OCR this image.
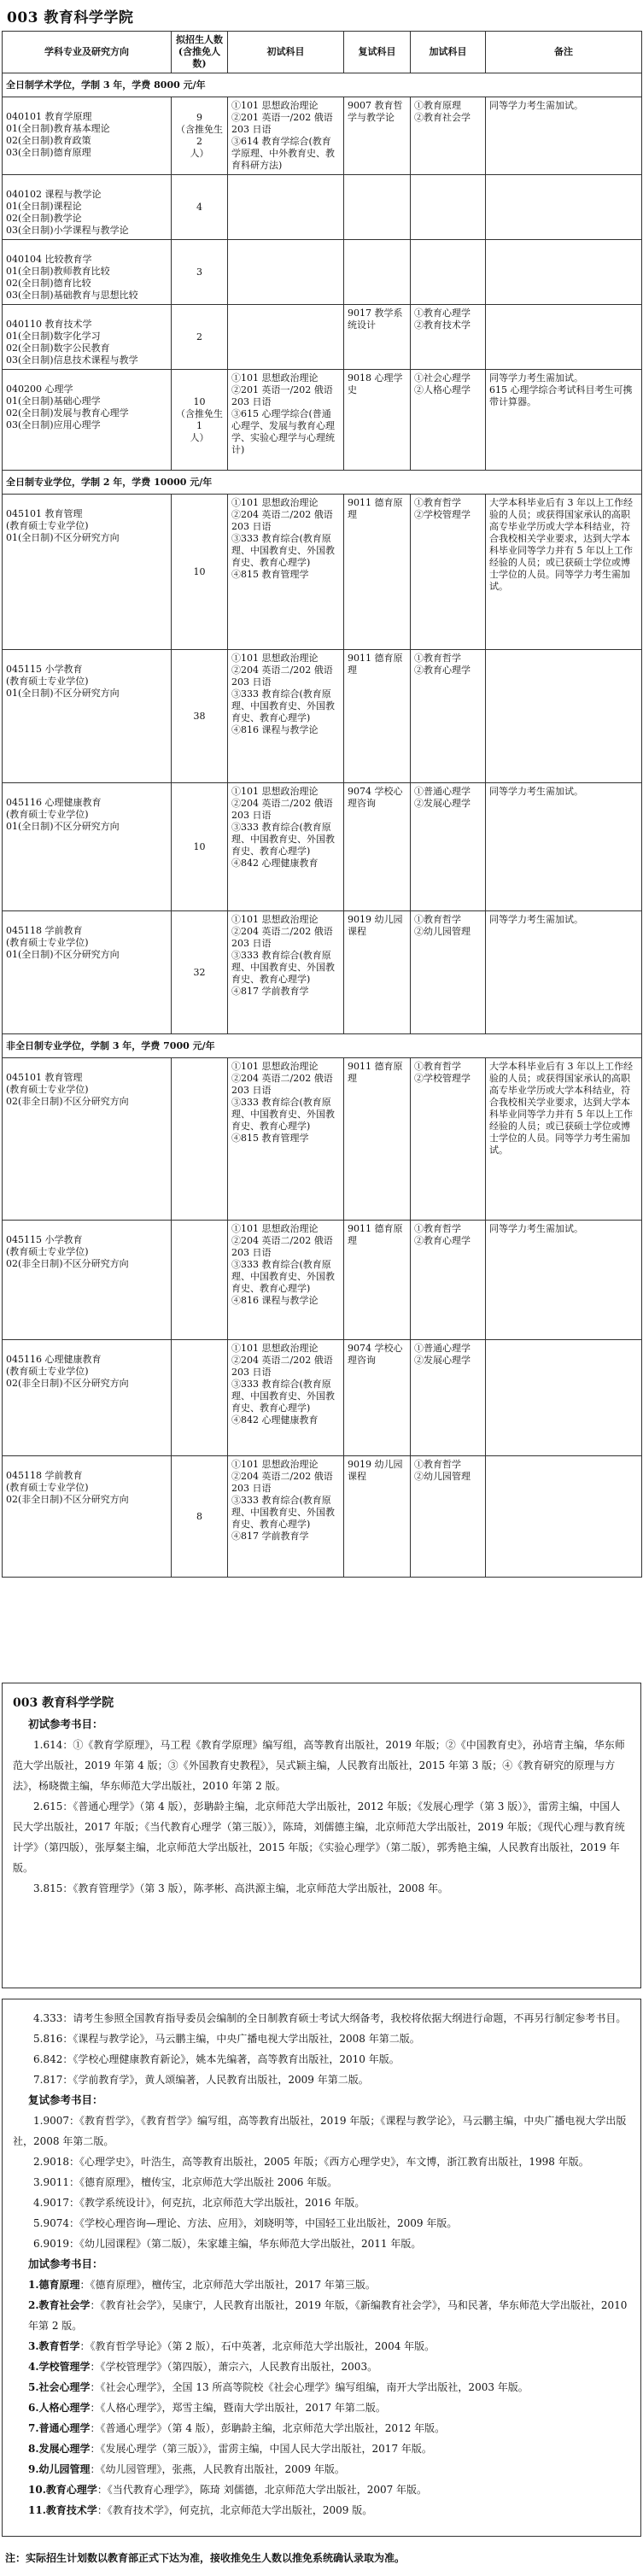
003 教育科学学院
学科专业及研究方向	拟招生人数
(含推免人数)	初试科目	复试科目	加试科目	备注
全日制学术学位，学制 3 年，学费 8000 元/年					
040101 教育学原理
01(全日制)教育基本理论
02(全日制)教育政策
03(全日制)德育原理	9
（含推免生 2
人）	①101 思想政治理论
②201 英语一/202 俄语 203 日语
③614 教育学综合(教育学原理、中外教育史、教育科研方法)	9007 教育哲学与教学论	①教育原理
②教育社会学	同等学力考生需加试。
040102 课程与教学论
01(全日制)课程论
02(全日制)教学论
03(全日制)小学课程与教学论	4				
040104 比较教育学
01(全日制)教师教育比较
02(全日制)德育比较
03(全日制)基础教育与思想比较	3				
040110 教育技术学
01(全日制)数字化学习
02(全日制)数字公民教育
03(全日制)信息技术课程与教学	2		9017 教学系统设计	①教育心理学
②教育技术学	
040200 心理学
01(全日制)基础心理学
02(全日制)发展与教育心理学
03(全日制)应用心理学	10
（含推免生 1
人）	①101 思想政治理论
②201 英语一/202 俄语 203 日语
③615 心理学综合(普通心理学、发展与教育心理学、实验心理学与心理统计)	9018 心理学史	①社会心理学
②人格心理学	同等学力考生需加试。
615 心理学综合考试科目考生可携带计算器。
全日制专业学位，学制 2 年，学费 10000 元/年					
045101 教育管理
(教育硕士专业学位)
01(全日制)不区分研究方向	10	①101 思想政治理论
②204 英语二/202 俄语 203 日语
③333 教育综合(教育原理、中国教育史、外国教育史、教育心理学)
④815 教育管理学	9011 德育原理	①教育哲学
②学校管理学	大学本科毕业后有 3 年以上工作经验的人员；或获得国家承认的高职高专毕业学历或大学本科结业，符合我校相关学业要求，达到大学本科毕业同等学力并有 5 年以上工作经验的人员；或已获硕士学位或博士学位的人员。同等学力考生需加试。
045115 小学教育
(教育硕士专业学位)
01(全日制)不区分研究方向	38	①101 思想政治理论
②204 英语二/202 俄语 203 日语
③333 教育综合(教育原理、中国教育史、外国教育史、教育心理学)
④816 课程与教学论	9011 德育原理	①教育哲学
②教育心理学	
045116 心理健康教育
(教育硕士专业学位)
01(全日制)不区分研究方向	10	①101 思想政治理论
②204 英语二/202 俄语 203 日语
③333 教育综合(教育原理、中国教育史、外国教育史、教育心理学)
④842 心理健康教育	9074 学校心理咨询	①普通心理学
②发展心理学	同等学力考生需加试。
045118 学前教育
(教育硕士专业学位)
01(全日制)不区分研究方向	32	①101 思想政治理论
②204 英语二/202 俄语 203 日语
③333 教育综合(教育原理、中国教育史、外国教育史、教育心理学)
④817 学前教育学	9019 幼儿园课程	①教育哲学
②幼儿园管理	同等学力考生需加试。
非全日制专业学位，学制 3 年，学费 7000 元/年					
045101 教育管理
(教育硕士专业学位)
02(非全日制)不区分研究方向		①101 思想政治理论
②204 英语二/202 俄语 203 日语
③333 教育综合(教育原理、中国教育史、外国教育史、教育心理学)
④815 教育管理学	9011 德育原理	①教育哲学
②学校管理学	大学本科毕业后有 3 年以上工作经验的人员；或获得国家承认的高职高专毕业学历或大学本科结业，符合我校相关学业要求，达到大学本科毕业同等学力并有 5 年以上工作经验的人员；或已获硕士学位或博士学位的人员。同等学力考生需加试。
045115 小学教育
(教育硕士专业学位)
02(非全日制)不区分研究方向		①101 思想政治理论
②204 英语二/202 俄语 203 日语
③333 教育综合(教育原理、中国教育史、外国教育史、教育心理学)
④816 课程与教学论	9011 德育原理	①教育哲学
②教育心理学	同等学力考生需加试。
045116 心理健康教育
(教育硕士专业学位)
02(非全日制)不区分研究方向		①101 思想政治理论
②204 英语二/202 俄语 203 日语
③333 教育综合(教育原理、中国教育史、外国教育史、教育心理学)
④842 心理健康教育	9074 学校心理咨询	①普通心理学
②发展心理学	
045118 学前教育
(教育硕士专业学位)
02(非全日制)不区分研究方向	8	①101 思想政治理论
②204 英语二/202 俄语 203 日语
③333 教育综合(教育原理、中国教育史、外国教育史、教育心理学)
④817 学前教育学	9019 幼儿园课程	①教育哲学
②幼儿园管理	
003 教育科学学院
初试参考书目：
1.614：①《教育学原理》，马工程《教育学原理》编写组，高等教育出版社，2019 年版；②《中国教育史》，孙培青主编，华东师范大学出版社，2019 年第 4 版；③《外国教育史教程》，吴式颖主编，人民教育出版社，2015 年第 3 版；④《教育研究的原理与方法》，杨晓微主编，华东师范大学出版社，2010 年第 2 版。
2.615：《普通心理学》（第 4 版），彭聃龄主编，北京师范大学出版社，2012 年版；《发展心理学（第 3 版）》，雷雳主编，中国人民大学出版社，2017 年版；《当代教育心理学（第三版）》，陈琦，刘儒德主编，北京师范大学出版社，2019 年版；《现代心理与教育统计学》（第四版），张厚粲主编，北京师范大学出版社，2015 年版；《实验心理学》（第二版），郭秀艳主编，人民教育出版社，2019 年版。
3.815：《教育管理学》（第 3 版），陈孝彬、高洪源主编，北京师范大学出版社，2008 年。
4.333：请考生参照全国教育指导委员会编制的全日制教育硕士考试大纲备考，我校将依据大纲进行命题，不再另行制定参考书目。
5.816：《课程与教学论》，马云鹏主编，中央广播电视大学出版社，2008 年第二版。
6.842：《学校心理健康教育新论》，姚本先编著，高等教育出版社，2010 年版。
7.817：《学前教育学》，黄人颂编著，人民教育出版社，2009 年第二版。
复试参考书目：
1.9007：《教育哲学》，《教育哲学》编写组，高等教育出版社，2019 年版；《课程与教学论》，马云鹏主编，中央广播电视大学出版社，2008 年第二版。
2.9018：《心理学史》，叶浩生，高等教育出版社，2005 年版；《西方心理学史》，车文博，浙江教育出版社，1998 年版。
3.9011：《德育原理》，檀传宝，北京师范大学出版社 2006 年版。
4.9017：《教学系统设计》，何克抗，北京师范大学出版社，2016 年版。
5.9074：《学校心理咨询—理论、方法、应用》，刘晓明等，中国轻工业出版社，2009 年版。
6.9019：《幼儿园课程》（第二版），朱家雄主编，华东师范大学出版社，2011 年版。
加试参考书目：
1.德育原理：《德育原理》，檀传宝，北京师范大学出版社，2017 年第三版。
2.教育社会学：《教育社会学》，吴康宁，人民教育出版社，2019 年版，《新编教育社会学》，马和民著，华东师范大学出版社，2010 年第 2 版。
3.教育哲学：《教育哲学导论》（第 2 版），石中英著，北京师范大学出版社，2004 年版。
4.学校管理学：《学校管理学》（第四版），萧宗六，人民教育出版社，2003。
5.社会心理学：《社会心理学》，全国 13 所高等院校《社会心理学》编写组编，南开大学出版社，2003 年版。
6.人格心理学：《人格心理学》，郑雪主编，暨南大学出版社，2017 年第二版。
7.普通心理学：《普通心理学》（第 4 版），彭聃龄主编，北京师范大学出版社，2012 年版。
8.发展心理学：《发展心理学（第三版）》，雷雳主编，中国人民大学出版社，2017 年版。
9.幼儿园管理：《幼儿园管理》，张燕，人民教育出版社，2009 年版。
10.教育心理学：《当代教育心理学》，陈琦 刘儒德，北京师范大学出版社，2007 年版。
11.教育技术学：《教育技术学》，何克抗，北京师范大学出版社，2009 版。
注：实际招生计划数以教育部正式下达为准，接收推免生人数以推免系统确认录取为准。
